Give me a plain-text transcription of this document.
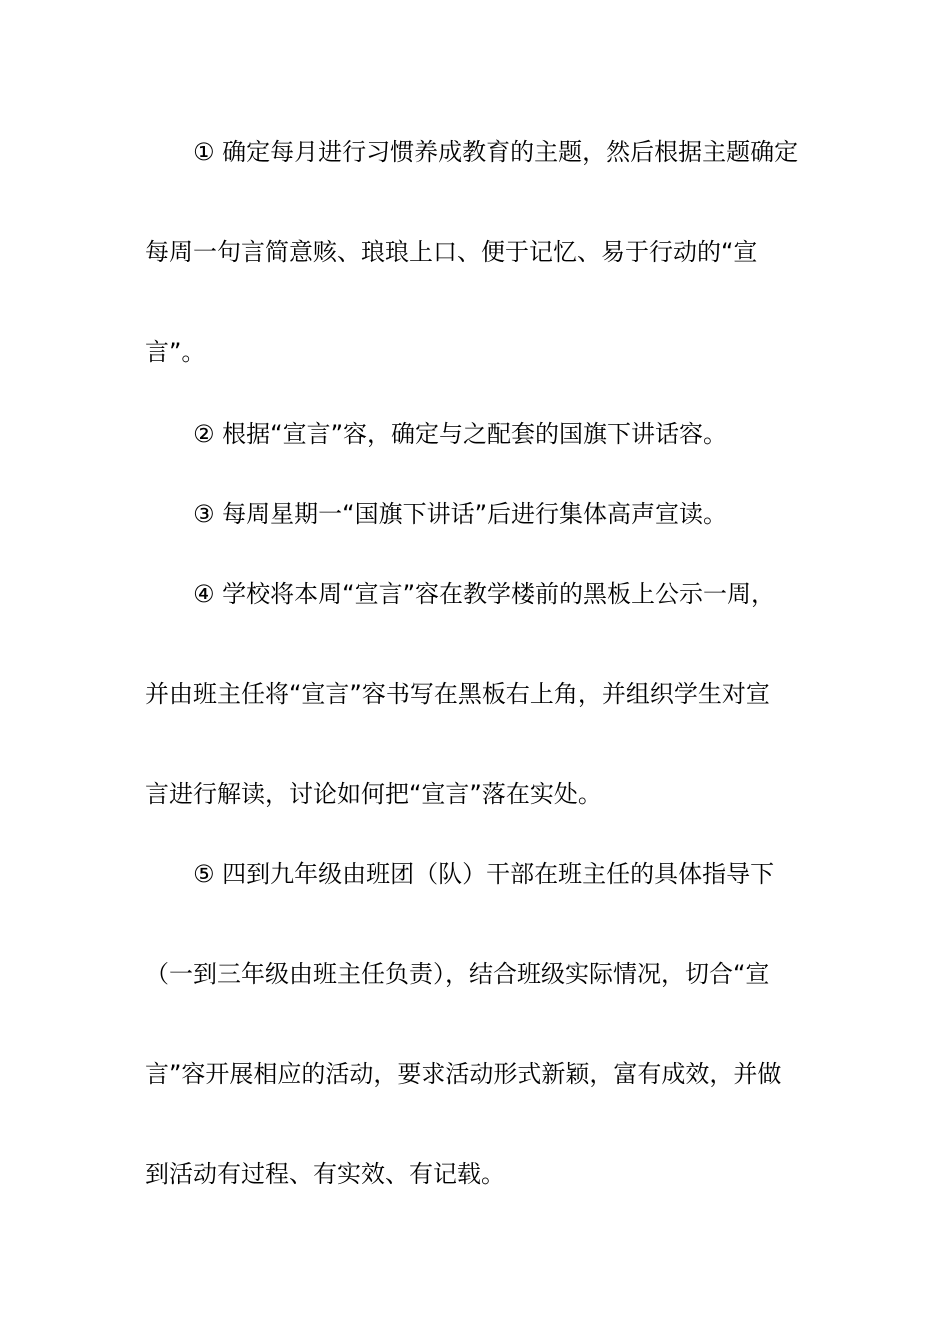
① 确定每月进行习惯养成教育的主题，然后根据主题确定
每周一句言简意赅、琅琅上口、便于记忆、易于行动的“宣
言”。
② 根据“宣言”容，确定与之配套的国旗下讲话容。
③ 每周星期一“国旗下讲话”后进行集体高声宣读。
④ 学校将本周“宣言”容在教学楼前的黑板上公示一周，
并由班主任将“宣言”容书写在黑板右上角，并组织学生对宣
言进行解读，讨论如何把“宣言”落在实处。
⑤ 四到九年级由班团（队）干部在班主任的具体指导下
（一到三年级由班主任负责），结合班级实际情况，切合“宣
言”容开展相应的活动，要求活动形式新颖，富有成效，并做
到活动有过程、有实效、有记载。
